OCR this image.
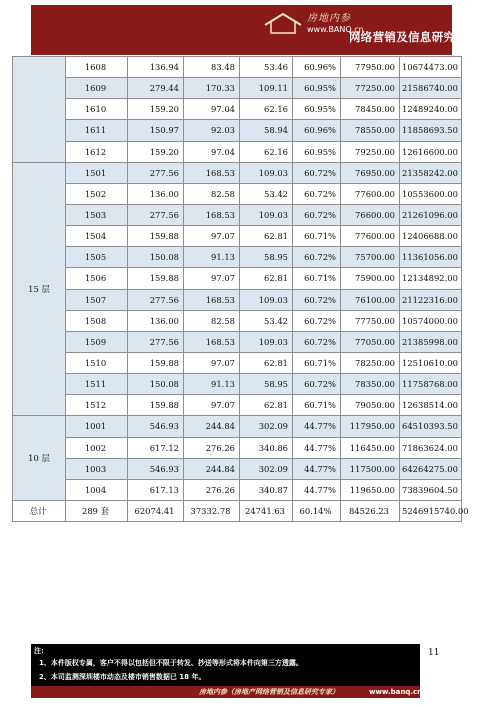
房地内参
www.BANQ.cn
网络营销及信息研究专家
	1608	136.94	83.48	53.46	60.96%	77950.00	10674473.00
	1609	279.44	170.33	109.11	60.95%	77250.00	21586740.00
	1610	159.20	97.04	62.16	60.95%	78450.00	12489240.00
	1611	150.97	92.03	58.94	60.96%	78550.00	11858693.50
	1612	159.20	97.04	62.16	60.95%	79250.00	12616600.00
15 层	1501	277.56	168.53	109.03	60.72%	76950.00	21358242.00
	1502	136.00	82.58	53.42	60.72%	77600.00	10553600.00
	1503	277.56	168.53	109.03	60.72%	76600.00	21261096.00
	1504	159.88	97.07	62.81	60.71%	77600.00	12406688.00
	1505	150.08	91.13	58.95	60.72%	75700.00	11361056.00
	1506	159.88	97.07	62.81	60.71%	75900.00	12134892.00
	1507	277.56	168.53	109.03	60.72%	76100.00	21122316.00
	1508	136.00	82.58	53.42	60.72%	77750.00	10574000.00
	1509	277.56	168.53	109.03	60.72%	77050.00	21385998.00
	1510	159.88	97.07	62.81	60.71%	78250.00	12510610.00
	1511	150.08	91.13	58.95	60.72%	78350.00	11758768.00
	1512	159.88	97.07	62.81	60.71%	79050.00	12638514.00
10 层	1001	546.93	244.84	302.09	44.77%	117950.00	64510393.50
	1002	617.12	276.26	340.86	44.77%	116450.00	71863624.00
	1003	546.93	244.84	302.09	44.77%	117500.00	64264275.00
	1004	617.13	276.26	340.87	44.77%	119650.00	73839604.50
总计	289 套	62074.41	37332.78	24741.63	60.14%	84526.23	5246915740.00
11
注:
1、本件版权专属，客户不得以包括但不限于转发、抄送等形式将本件向第三方透露。
2、本司监测深圳楼市动态及楼市销售数据已 18 年。
房地内参（房地产网络营销及信息研究专家）	www.banq.cn
